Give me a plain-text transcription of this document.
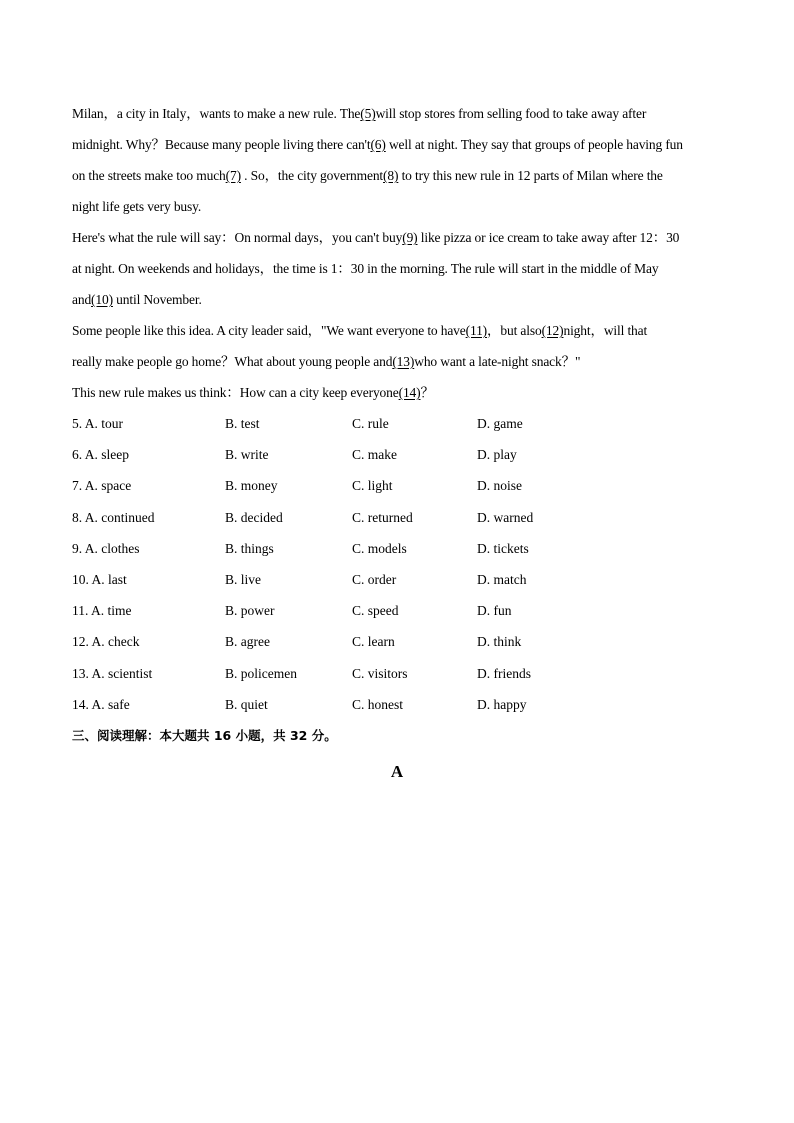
Milan，a city in Italy，wants to make a new rule. The(5)will stop stores from selling food to take away after
midnight. Why？Because many people living there can't(6) well at night. They say that groups of people having fun
on the streets make too much(7) . So，the city government(8) to try this new rule in 12 parts of Milan where the
night life gets very busy.
Here's what the rule will say：On normal days，you can't buy(9) like pizza or ice cream to take away after 12：30
at night. On weekends and holidays，the time is 1：30 in the morning. The rule will start in the middle of May
and(10) until November.
Some people like this idea. A city leader said，"We want everyone to have(11)，but also(12)night，will that
really make people go home？What about young people and(13)who want a late-night snack？"
This new rule makes us think：How can a city keep everyone(14)？
5. A. tour	B. test	C. rule	D. game
6. A. sleep	B. write	C. make	D. play
7. A. space	B. money	C. light	D. noise
8. A. continued	B. decided	C. returned	D. warned
9. A. clothes	B. things	C. models	D. tickets
10. A. last	B. live	C. order	D. match
11. A. time	B. power	C. speed	D. fun
12. A. check	B. agree	C. learn	D. think
13. A. scientist	B. policemen	C. visitors	D. friends
14. A. safe	B. quiet	C. honest	D. happy
三、阅读理解：本大题共 16 小题，共 32 分。
A
